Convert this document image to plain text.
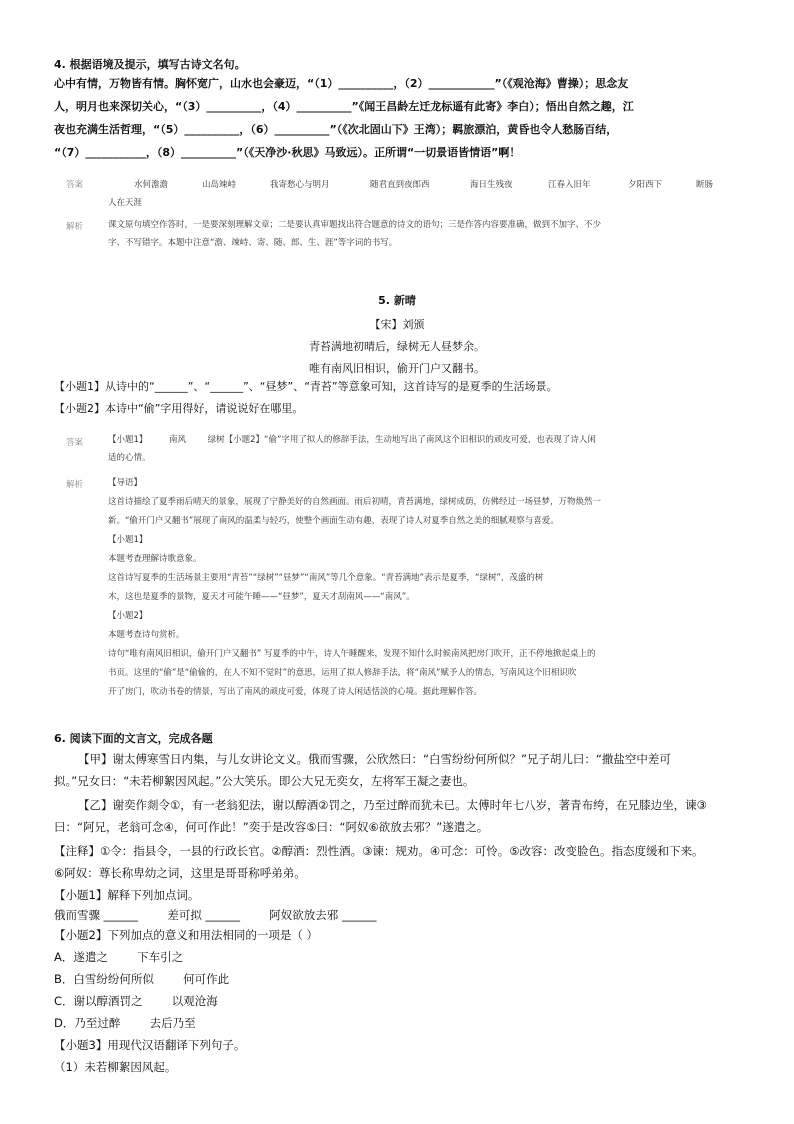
4. 根据语境及提示，填写古诗文名句。
心中有情，万物皆有情。胸怀宽广，山水也会豪迈，“（1）__________，（2）____________”（《观沧海》曹操）；思念友
人，明月也来深切关心，“（3）__________，（4）__________”《闻王昌龄左迁龙标遥有此寄》李白）；悟出自然之趣，江
夜也充满生活哲理，“（5）__________，（6）__________”（《次北固山下》王湾）；羁旅漂泊，黄昏也令人愁肠百结，
“（7）___________，（8）__________”（《天净沙·秋思》马致远）。正所谓“一切景语皆情语”啊！
答案	水何澹澹	山岛竦峙	我寄愁心与明月	随君直到夜郎西	海日生残夜	江春入旧年	夕阳西下	断肠
人在天涯
解析	课文原句填空作答时，一是要深刻理解文章；二是要认真审题找出符合题意的诗文的语句；三是作答内容要准确，做到不加字、不少
字、不写错字。本题中注意“澹、竦峙、寄、随、郎、生、涯”等字词的书写。
5. 新晴
【宋】刘颁
青苔满地初晴后，绿树无人昼梦余。
唯有南风旧相识，偷开门户又翻书。
【小题1】从诗中的“______”、“______”、“昼梦”、“青苔”等意象可知，这首诗写的是夏季的生活场景。
【小题2】本诗中“偷”字用得好，请说说好在哪里。
答案	【小题1】        南风        绿树【小题2】“偷”字用了拟人的修辞手法，生动地写出了南风这个旧相识的顽皮可爱，也表现了诗人闲
适的心情。
解析	【导语】
这首诗描绘了夏季雨后晴天的景象，展现了宁静美好的自然画面。雨后初晴，青苔满地，绿树成荫，仿佛经过一场昼梦，万物焕然一
新。“偷开门户又翻书”展现了南风的温柔与轻巧，使整个画面生动有趣，表现了诗人对夏季自然之美的细腻观察与喜爱。
【小题1】
本题考查理解诗歌意象。
这首诗写夏季的生活场景主要用“青苔”“绿树”“昼梦”“南风”等几个意象。“青苔满地”表示是夏季，“绿树”，茂盛的树
木，这也是夏季的景物，夏天才可能午睡——“昼梦”，夏天才刮南风——“南风”。
【小题2】
本题考查诗句赏析。
诗句“唯有南风旧相识，偷开门户又翻书” 写夏季的中午，诗人午睡醒来，发现不知什么时候南风把房门吹开，正不停地掀起桌上的
书页。这里的“偷”是“偷偷的，在人不知不觉时”的意思，运用了拟人修辞手法，将“南风”赋予人的情态，写南风这个旧相识吹
开了房门，吹动书卷的情景，写出了南风的顽皮可爱，体现了诗人闲适恬淡的心境。据此理解作答。
6. 阅读下面的文言文，完成各题
【甲】谢太傅寒雪日内集，与儿女讲论文义。俄而雪骤，公欣然曰：“白雪纷纷何所似？”兄子胡儿曰：“撒盐空中差可
拟。”兄女曰：“未若柳絮因风起。”公大笑乐。即公大兄无奕女，左将军王凝之妻也。
【乙】谢奕作剡令①，有一老翁犯法，谢以醇酒②罚之，乃至过醉而犹未已。太傅时年七八岁，著青布绔，在兄膝边坐，谏③
曰：“阿兄，老翁可念④，何可作此！”奕于是改容⑤曰：“阿奴⑥欲放去邪？”遂遣之。
【注释】①令：指县令，一县的行政长官。②醇酒：烈性酒。③谏：规劝。④可念：可怜。⑤改容：改变脸色。指态度缓和下来。
⑥阿奴：尊长称卑幼之词，这里是哥哥称呼弟弟。
【小题1】解释下列加点词。
俄而雪骤 ______        差可拟 ______        阿奴欲放去邪 ______
【小题2】下列加点的意义和用法相同的一项是（ ）
A．遂遣之        下车引之
B．白雪纷纷何所似        何可作此
C．谢以醇酒罚之        以观沧海
D．乃至过醉        去后乃至
【小题3】用现代汉语翻译下列句子。
（1）未若柳絮因风起。
